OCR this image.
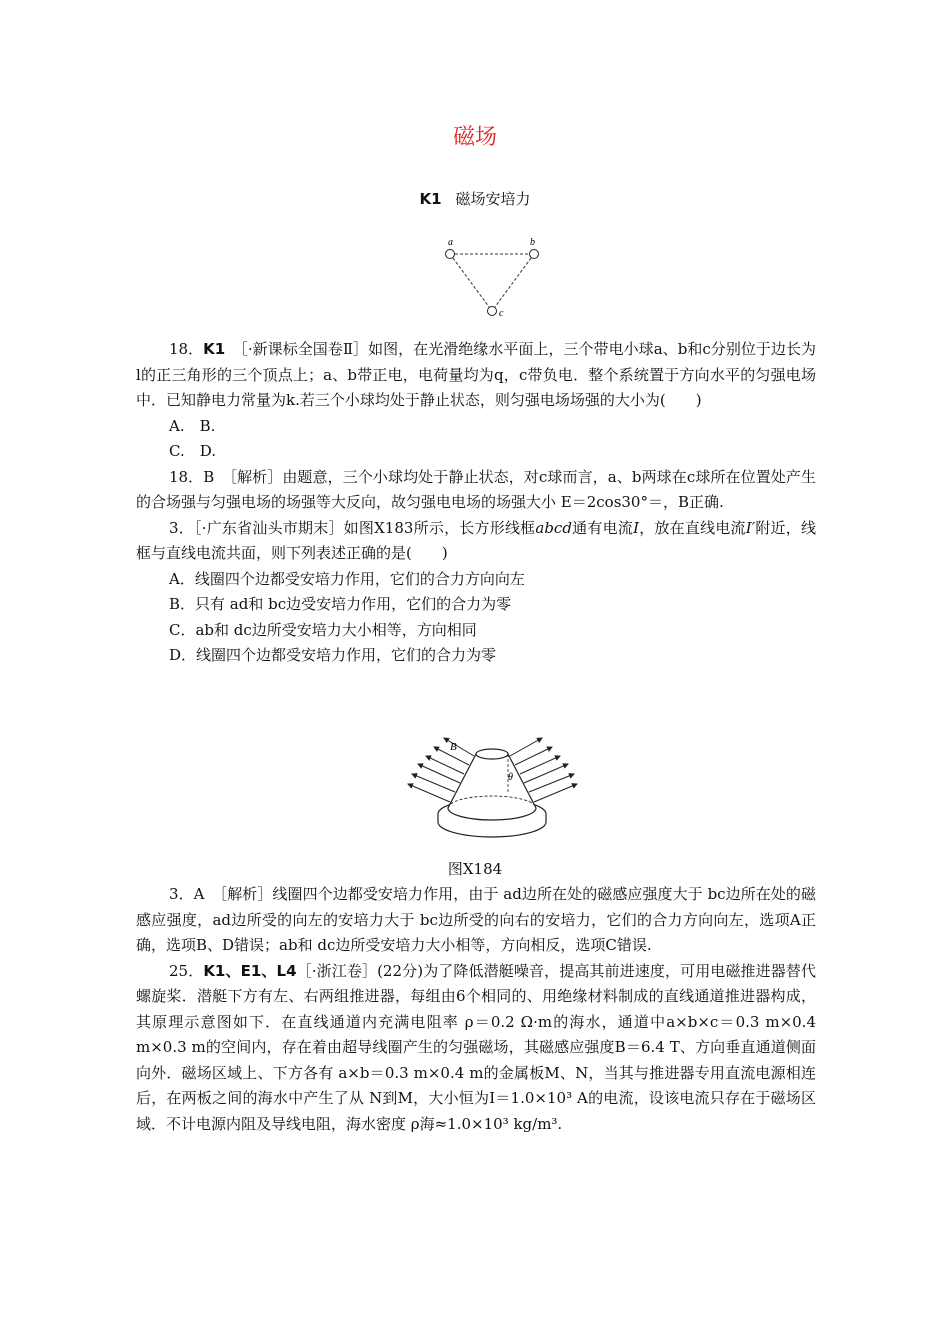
磁场
K1 磁场安培力
a	b
c

18．K1　 ［·新课标全国卷Ⅱ］如图，在光滑绝缘水平面上，三个带电小球a、b和c分别位于边长为l的正三角形的三个顶点上；a、b带正电，电荷量均为q，c带负电．整个系统置于方向水平的匀强电场中．已知静电力常量为k.若三个小球均处于静止状态，则匀强电场场强的大小为(　　)

A.　B.
C.　D.

18．B　［解析］由题意，三个小球均处于静止状态，对c球而言，a、b两球在c球所在位置处产生的合场强与匀强电场的场强等大反向，故匀强电电场的场强大小 E＝2cos30°＝，B正确.

3．［·广东省汕头市期末］如图X183所示，长方形线框abcd通有电流I，放在直线电流I′附近，线框与直线电流共面，则下列表述正确的是(　　)

A．线圈四个边都受安培力作用，它们的合力方向向左
B．只有 ad和 bc边受安培力作用，它们的合力为零
C．ab和 dc边所受安培力大小相等，方向相同
D．线圈四个边都受安培力作用，它们的合力为零
B
θ
图X184

3．A　［解析］线圈四个边都受安培力作用，由于 ad边所在处的磁感应强度大于 bc边所在处的磁感应强度，ad边所受的向左的安培力大于 bc边所受的向右的安培力，它们的合力方向向左，选项A正确，选项B、D错误；ab和 dc边所受安培力大小相等，方向相反，选项C错误.

25．K1、E1、L4［·浙江卷］(22分)为了降低潜艇噪音，提高其前进速度，可用电磁推进器替代螺旋桨．潜艇下方有左、右两组推进器，每组由6个相同的、用绝缘材料制成的直线通道推进器构成，其原理示意图如下．在直线通道内充满电阻率 ρ＝0.2 Ω·m的海水，通道中a×b×c＝0.3 m×0.4 m×0.3 m的空间内，存在着由超导线圈产生的匀强磁场，其磁感应强度B＝6.4 T、方向垂直通道侧面向外．磁场区域上、下方各有 a×b＝0.3 m×0.4 m的金属板M、N，当其与推进器专用直流电源相连后，在两板之间的海水中产生了从 N到M，大小恒为I＝1.0×10³ A的电流，设该电流只存在于磁场区域．不计电源内阻及导线电阻，海水密度 ρ海≈1.0×10³ kg/m³.
